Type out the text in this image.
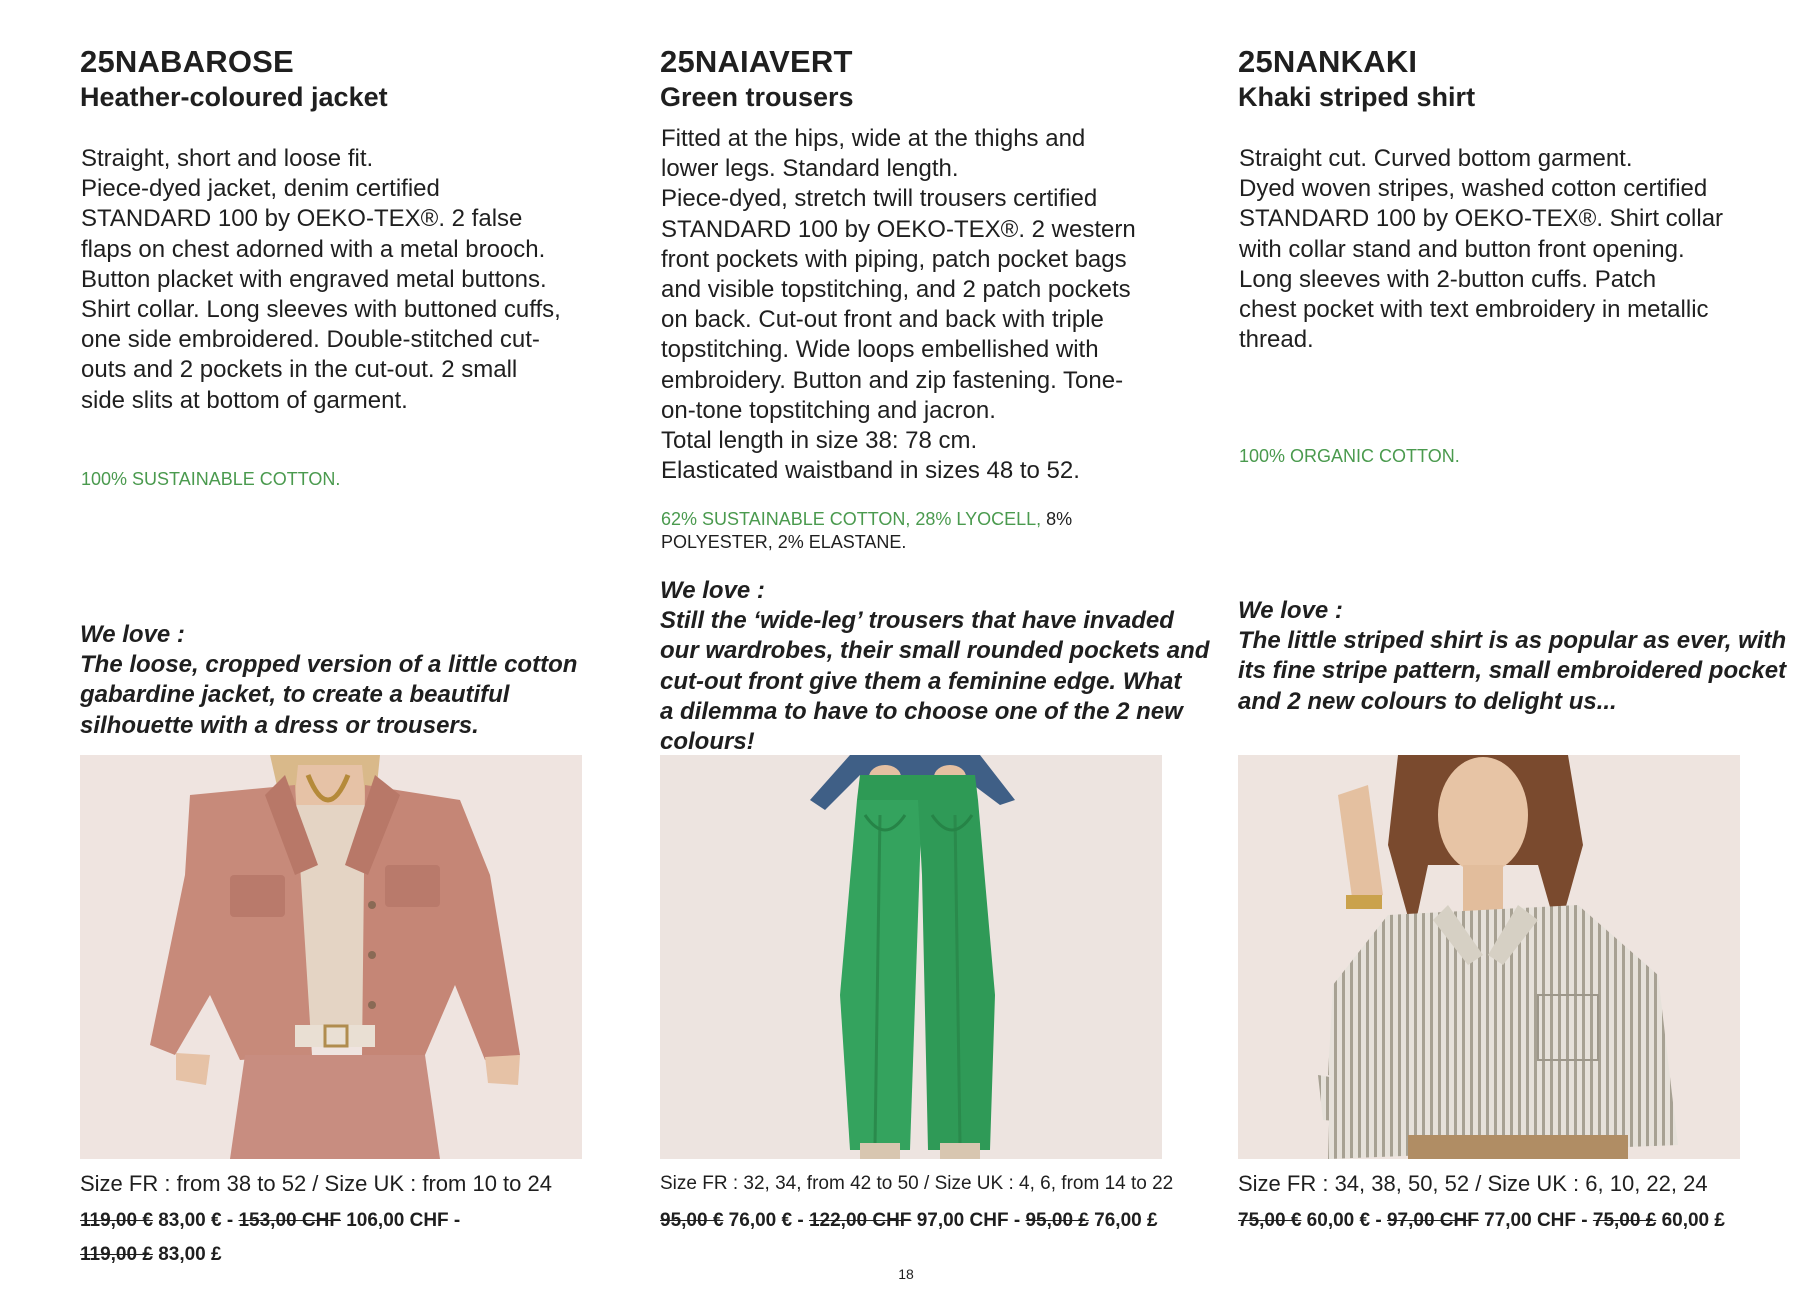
25NABAROSE
Heather-coloured jacket
Straight, short and loose fit.
Piece-dyed jacket, denim certified
STANDARD 100 by OEKO-TEX®. 2 false
flaps on chest adorned with a metal brooch.
Button placket with engraved metal buttons.
Shirt collar. Long sleeves with buttoned cuffs,
one side embroidered. Double-stitched cut-
outs and 2 pockets in the cut-out. 2 small
side slits at bottom of garment.
100% SUSTAINABLE COTTON.
We love :
The loose, cropped version of a little cotton
gabardine jacket, to create a beautiful
silhouette with a dress or trousers.
Size FR : from 38 to 52 / Size UK : from 10 to 24
119,00 € 83,00 € - 153,00 CHF 106,00 CHF -
119,00 £ 83,00 £
25NAIAVERT
Green trousers
Fitted at the hips, wide at the thighs and
lower legs. Standard length.
Piece-dyed, stretch twill trousers certified
STANDARD 100 by OEKO-TEX®. 2 western
front pockets with piping, patch pocket bags
and visible topstitching, and 2 patch pockets
on back. Cut-out front and back with triple
topstitching. Wide loops embellished with
embroidery. Button and zip fastening. Tone-
on-tone topstitching and jacron.
Total length in size 38: 78 cm.
Elasticated waistband in sizes 48 to 52.
62% SUSTAINABLE COTTON, 28% LYOCELL, 8%
POLYESTER, 2% ELASTANE.
We love :
Still the ‘wide-leg’ trousers that have invaded
our wardrobes, their small rounded pockets and
cut-out front give them a feminine edge. What
a dilemma to have to choose one of the 2 new
colours!
Size FR : 32, 34, from 42 to 50 / Size UK : 4, 6, from 14 to 22
95,00 € 76,00 € - 122,00 CHF 97,00 CHF - 95,00 £ 76,00 £
25NANKAKI
Khaki striped shirt
Straight cut. Curved bottom garment.
Dyed woven stripes, washed cotton certified
STANDARD 100 by OEKO-TEX®. Shirt collar
with collar stand and button front opening.
Long sleeves with 2-button cuffs. Patch
chest pocket with text embroidery in metallic
thread.
100% ORGANIC COTTON.
We love :
The little striped shirt is as popular as ever, with
its fine stripe pattern, small embroidered pocket
and 2 new colours to delight us...
Size FR : 34, 38, 50, 52 / Size UK : 6, 10, 22, 24
75,00 € 60,00 € - 97,00 CHF 77,00 CHF - 75,00 £ 60,00 £
18
